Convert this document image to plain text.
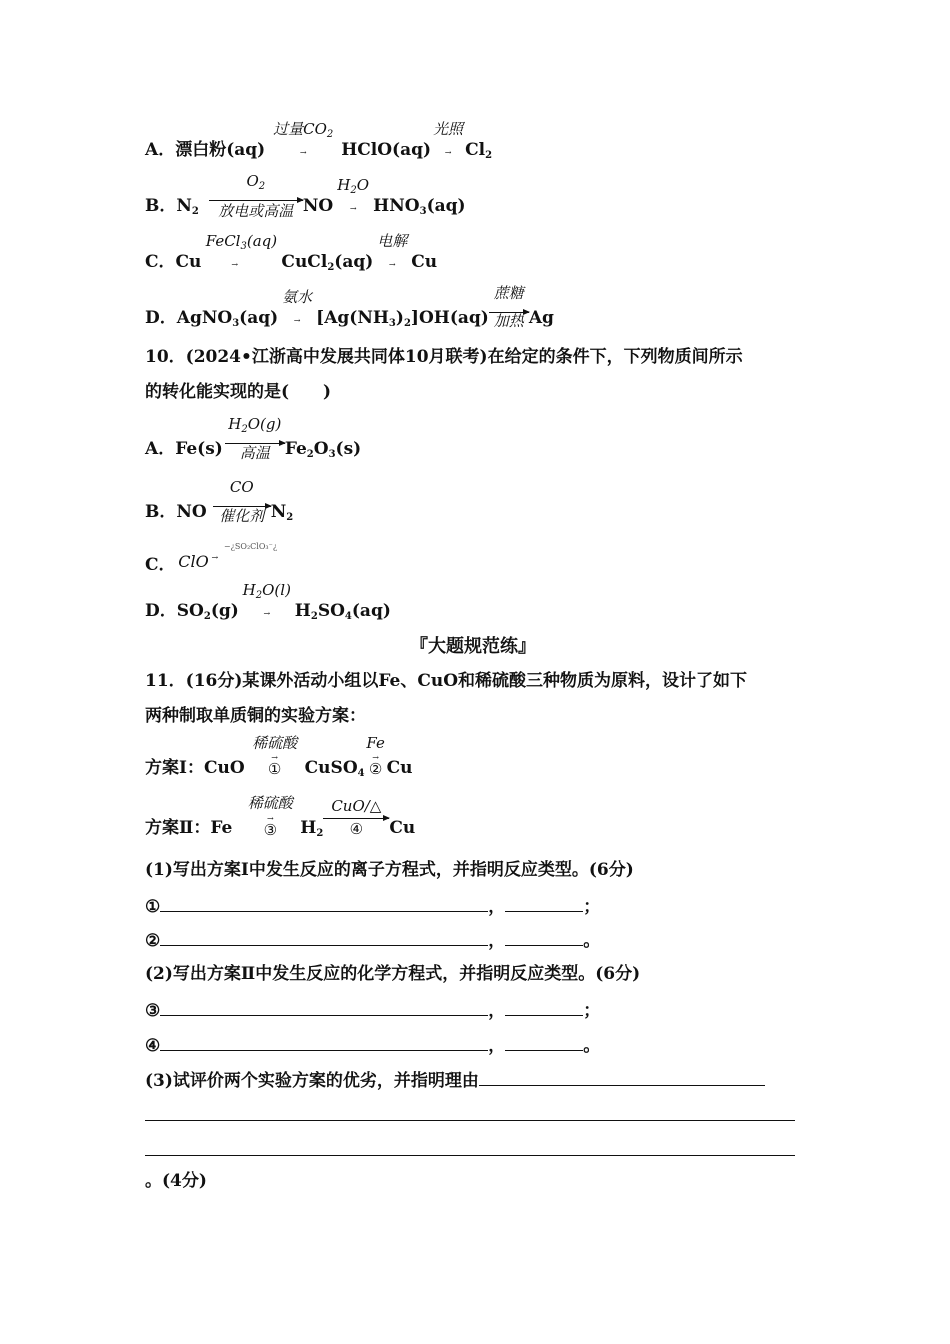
A．漂白粉(aq)
过量$CO_2$
→	HClO(aq)
光照
→ $Cl_2$
B．$N_2$
$O_2$
放电或高温 NO
$H_2O$
→ $HNO_3(aq)$
C．Cu
FeCl$_3$(aq)
→	CuCl$_2$(aq)
电解
→ Cu
D．AgNO$_3$(aq)
氨水
→ $[Ag(NH_3)_2]OH(aq)$
蔗糖
加热 Ag
10．(2024•江浙高中发展共同体10月联考)在给定的条件下，下列物质间所示
的转化能实现的是(　　)
A．Fe(s)
$H_2O(g)$
高温 $Fe_2O_3(s)$
B．NO
CO
催化剂 $N_2$
C． ClO
−¿SO₂ClO₃⁻¿
→
D．$SO_2(g)$
$H_2O(l)$
→	$H_2SO_4(aq)$
『大题规范练』
11．(16分)某课外活动小组以Fe、CuO和稀硫酸三种物质为原料，设计了如下
两种制取单质铜的实验方案：
方案Ⅰ：CuO
稀硫酸
→
①	CuSO$_4$
Fe
→
② Cu
方案Ⅱ：Fe
稀硫酸
→
③	$H_2$
CuO/△
④	Cu
(1)写出方案Ⅰ中发生反应的离子方程式，并指明反应类型。(6分)
①	，	；
②	，	。
(2)写出方案Ⅱ中发生反应的化学方程式，并指明反应类型。(6分)
③	，	；
④	，	。
(3)试评价两个实验方案的优劣，并指明理由
。(4分)
